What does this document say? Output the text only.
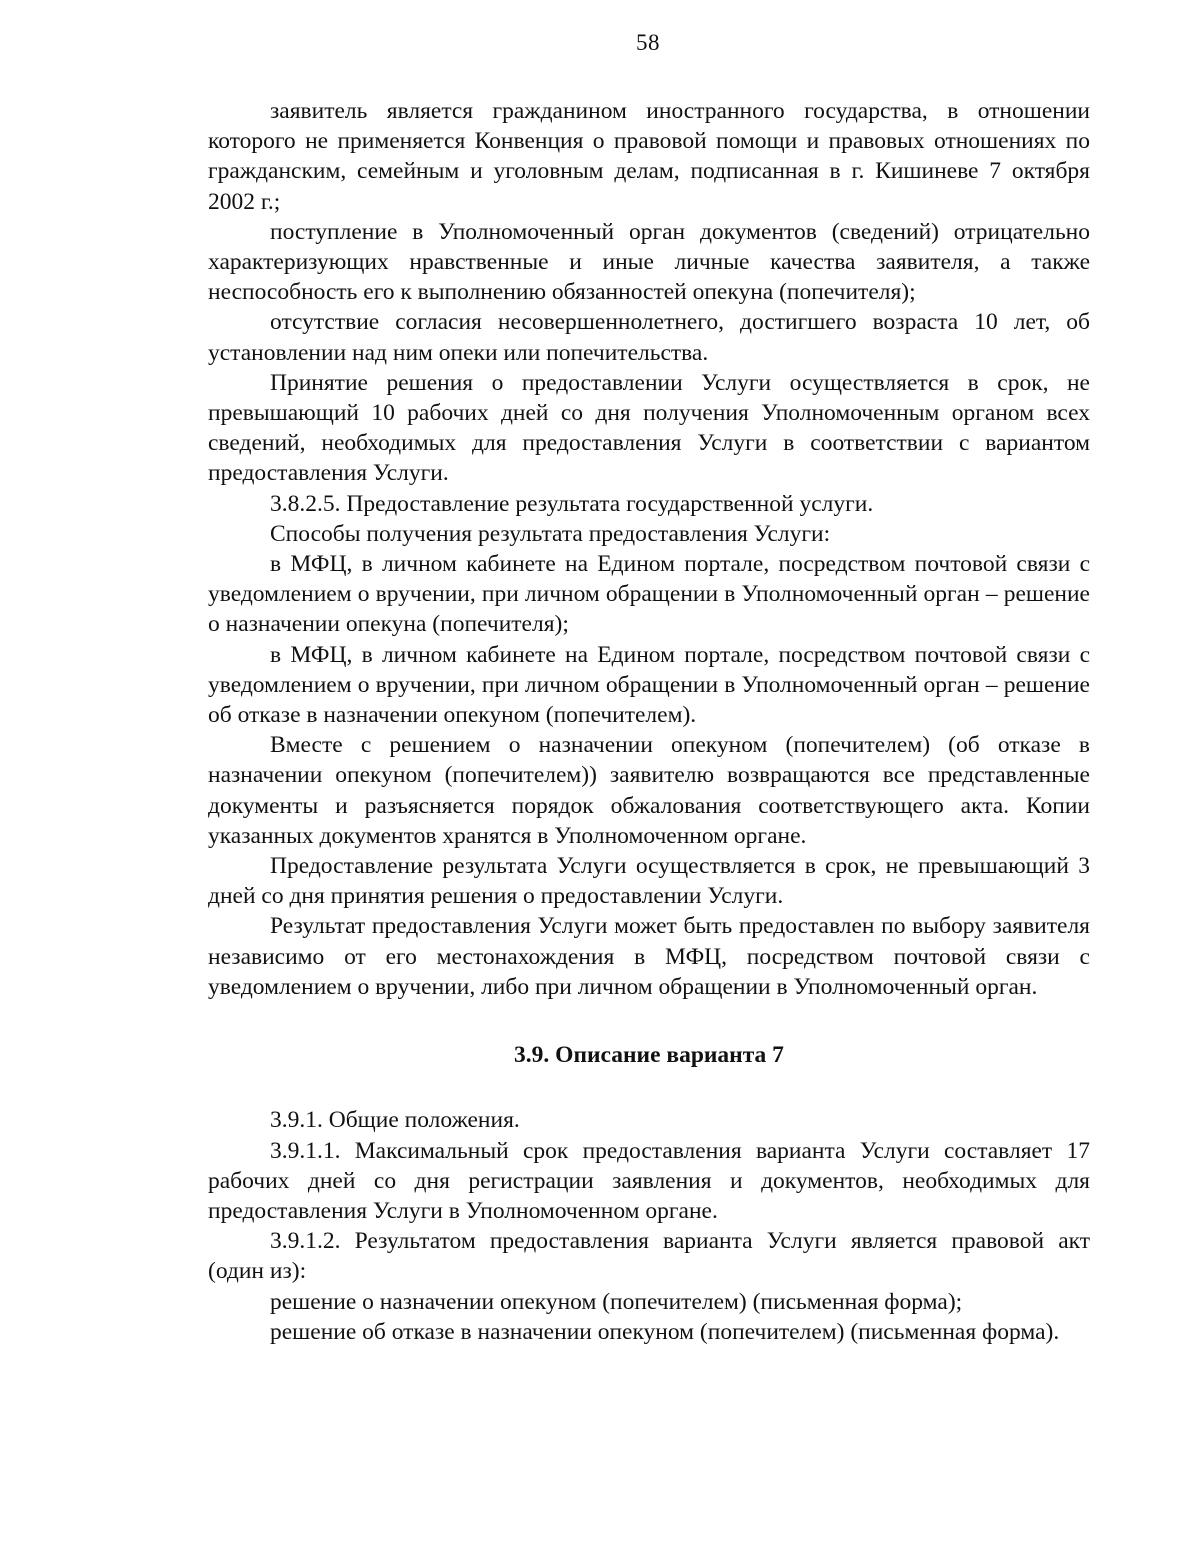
58

заявитель является гражданином иностранного государства, в отношении которого не применяется Конвенция о правовой помощи и правовых отношениях по гражданским, семейным и уголовным делам, подписанная в г. Кишиневе 7 октября 2002 г.;

поступление в Уполномоченный орган документов (сведений) отрицательно характеризующих нравственные и иные личные качества заявителя, а также неспособность его к выполнению обязанностей опекуна (попечителя);

отсутствие согласия несовершеннолетнего, достигшего возраста 10 лет, об установлении над ним опеки или попечительства.

Принятие решения о предоставлении Услуги осуществляется в срок, не превышающий 10 рабочих дней со дня получения Уполномоченным органом всех сведений, необходимых для предоставления Услуги в соответствии с вариантом предоставления Услуги.

3.8.2.5. Предоставление результата государственной услуги.

Способы получения результата предоставления Услуги:

в МФЦ, в личном кабинете на Едином портале, посредством почтовой связи с уведомлением о вручении, при личном обращении в Уполномоченный орган – решение о назначении опекуна (попечителя);

в МФЦ, в личном кабинете на Едином портале, посредством почтовой связи с уведомлением о вручении, при личном обращении в Уполномоченный орган – решение об отказе в назначении опекуном (попечителем).

Вместе с решением о назначении опекуном (попечителем) (об отказе в назначении опекуном (попечителем)) заявителю возвращаются все представленные документы и разъясняется порядок обжалования соответствующего акта. Копии указанных документов хранятся в Уполномоченном органе.

Предоставление результата Услуги осуществляется в срок, не превышающий 3 дней со дня принятия решения о предоставлении Услуги.

Результат предоставления Услуги может быть предоставлен по выбору заявителя независимо от его местонахождения в МФЦ, посредством почтовой связи с уведомлением о вручении, либо при личном обращении в Уполномоченный орган.

3.9. Описание варианта 7

3.9.1. Общие положения.

3.9.1.1. Максимальный срок предоставления варианта Услуги составляет 17 рабочих дней со дня регистрации заявления и документов, необходимых для предоставления Услуги в Уполномоченном органе.

3.9.1.2. Результатом предоставления варианта Услуги является правовой акт (один из):

решение о назначении опекуном (попечителем) (письменная форма);

решение об отказе в назначении опекуном (попечителем) (письменная форма).
